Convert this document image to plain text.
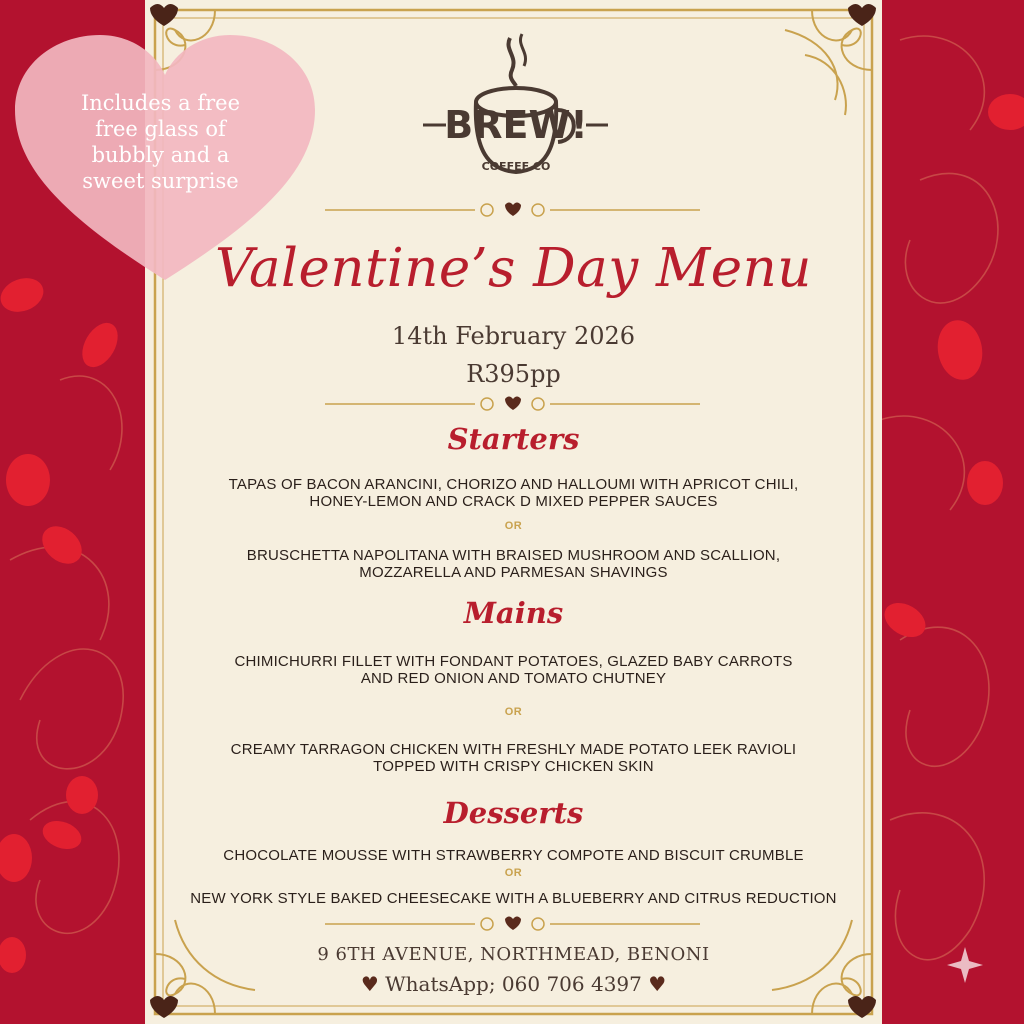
Includes a free
free glass of
bubbly and a
sweet surprise
BREW!
COFFEE CO
Valentine’s Day Menu
14th February 2026
R395pp
Starters
TAPAS OF BACON ARANCINI, CHORIZO AND HALLOUMI WITH APRICOT CHILI,
HONEY-LEMON AND CRACK D MIXED PEPPER SAUCES
OR
BRUSCHETTA NAPOLITANA WITH BRAISED MUSHROOM AND SCALLION,
MOZZARELLA AND PARMESAN SHAVINGS
Mains
CHIMICHURRI FILLET WITH FONDANT POTATOES, GLAZED BABY CARROTS
AND RED ONION AND TOMATO CHUTNEY
OR
CREAMY TARRAGON CHICKEN WITH FRESHLY MADE POTATO LEEK RAVIOLI
TOPPED WITH CRISPY CHICKEN SKIN
Desserts
CHOCOLATE MOUSSE WITH STRAWBERRY COMPOTE AND BISCUIT CRUMBLE
OR
NEW YORK STYLE BAKED CHEESECAKE WITH A BLUEBERRY AND CITRUS REDUCTION
9 6TH AVENUE, NORTHMEAD, BENONI
♥ WhatsApp; 060 706 4397 ♥
